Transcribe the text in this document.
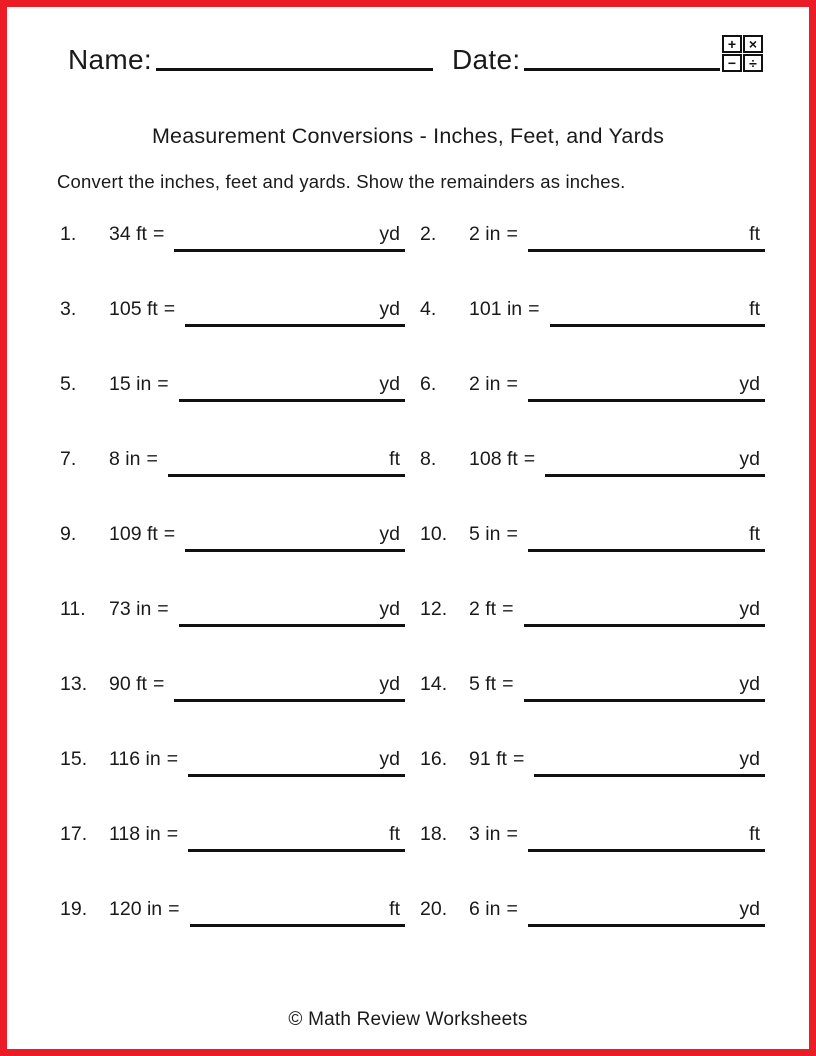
Name:	Date:	+ ×
− ÷
Measurement Conversions - Inches, Feet, and Yards
Convert the inches, feet and yards. Show the remainders as inches.
1.	34 ft =	yd 2.	2 in =	ft
3.	105 ft =	yd 4.	101 in =	ft
5.	15 in =	yd 6.	2 in =	yd
7.	8 in =	ft 8.	108 ft =	yd
9.	109 ft =	yd 10.	5 in =	ft
11.	73 in =	yd 12.	2 ft =	yd
13.	90 ft =	yd 14.	5 ft =	yd
15.	116 in =	yd 16.	91 ft =	yd
17.	118 in =	ft 18.	3 in =	ft
19.	120 in =	ft 20.	6 in =	yd
© Math Review Worksheets
